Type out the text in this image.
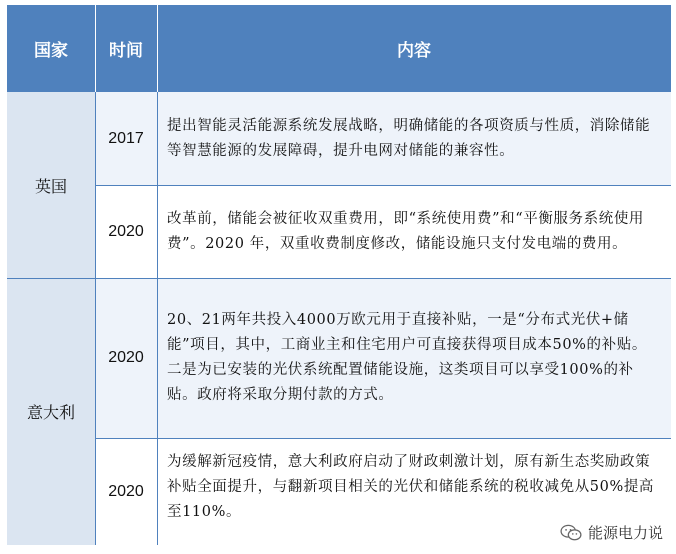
国家	时间	内容
英国
意大利
2017
提出智能灵活能源系统发展战略，明确储能的各项资质与性质，消除储能等智慧能源的发展障碍，提升电网对储能的兼容性。
2020
改革前，储能会被征收双重费用，即“系统使用费”和“平衡服务系统使用费”。2020 年，双重收费制度修改，储能设施只支付发电端的费用。
2020
20、21两年共投入4000万欧元用于直接补贴，一是“分布式光伏+储能”项目，其中，工商业主和住宅用户可直接获得项目成本50%的补贴。二是为已安装的光伏系统配置储能设施，这类项目可以享受100%的补贴。政府将采取分期付款的方式。
2020
为缓解新冠疫情，意大利政府启动了财政刺激计划，原有新生态奖励政策补贴全面提升，与翻新项目相关的光伏和储能系统的税收减免从50%提高至110%。
能源电力说
